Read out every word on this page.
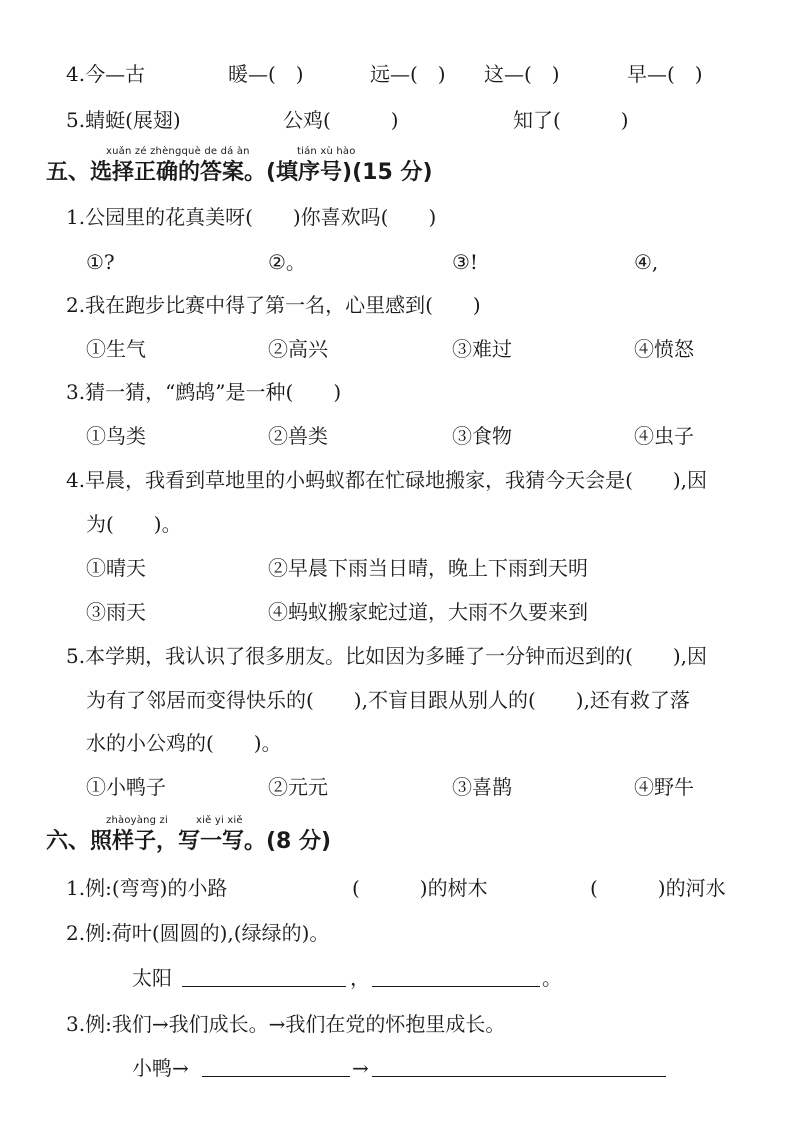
4.今—古	暖—(　)	远—(　) 这—(　)	早—(　)
5.蜻蜓(展翅)	公鸡(　　　)	知了(　　　)
xuǎn zé zhèngquè de dá àn	tián xù hào
五、选择正确的答案。(填序号)(15 分)
1.公园里的花真美呀(　　)你喜欢吗(　　)
①?	②。	③!	④,
2.我在跑步比赛中得了第一名，心里感到(　　)
①生气	②高兴	③难过	④愤怒
3.猜一猜，“鹧鸪”是一种(　　)
①鸟类	②兽类	③食物	④虫子
4.早晨，我看到草地里的小蚂蚁都在忙碌地搬家，我猜今天会是(　　),因
为(　　)。
①晴天	②早晨下雨当日晴，晚上下雨到天明
③雨天	④蚂蚁搬家蛇过道，大雨不久要来到
5.本学期，我认识了很多朋友。比如因为多睡了一分钟而迟到的(　　),因
为有了邻居而变得快乐的(　　),不盲目跟从别人的(　　),还有救了落
水的小公鸡的(　　)。
①小鸭子	②元元	③喜鹊	④野牛
zhàoyàng zi	xiě yi xiě
六、照样子，写一写。(8 分)
1.例:(弯弯)的小路	(　　　)的树木	(　　　)的河水
2.例:荷叶(圆圆的),(绿绿的)。
太阳	，	。
3.例:我们→我们成长。→我们在党的怀抱里成长。
小鸭→	→
